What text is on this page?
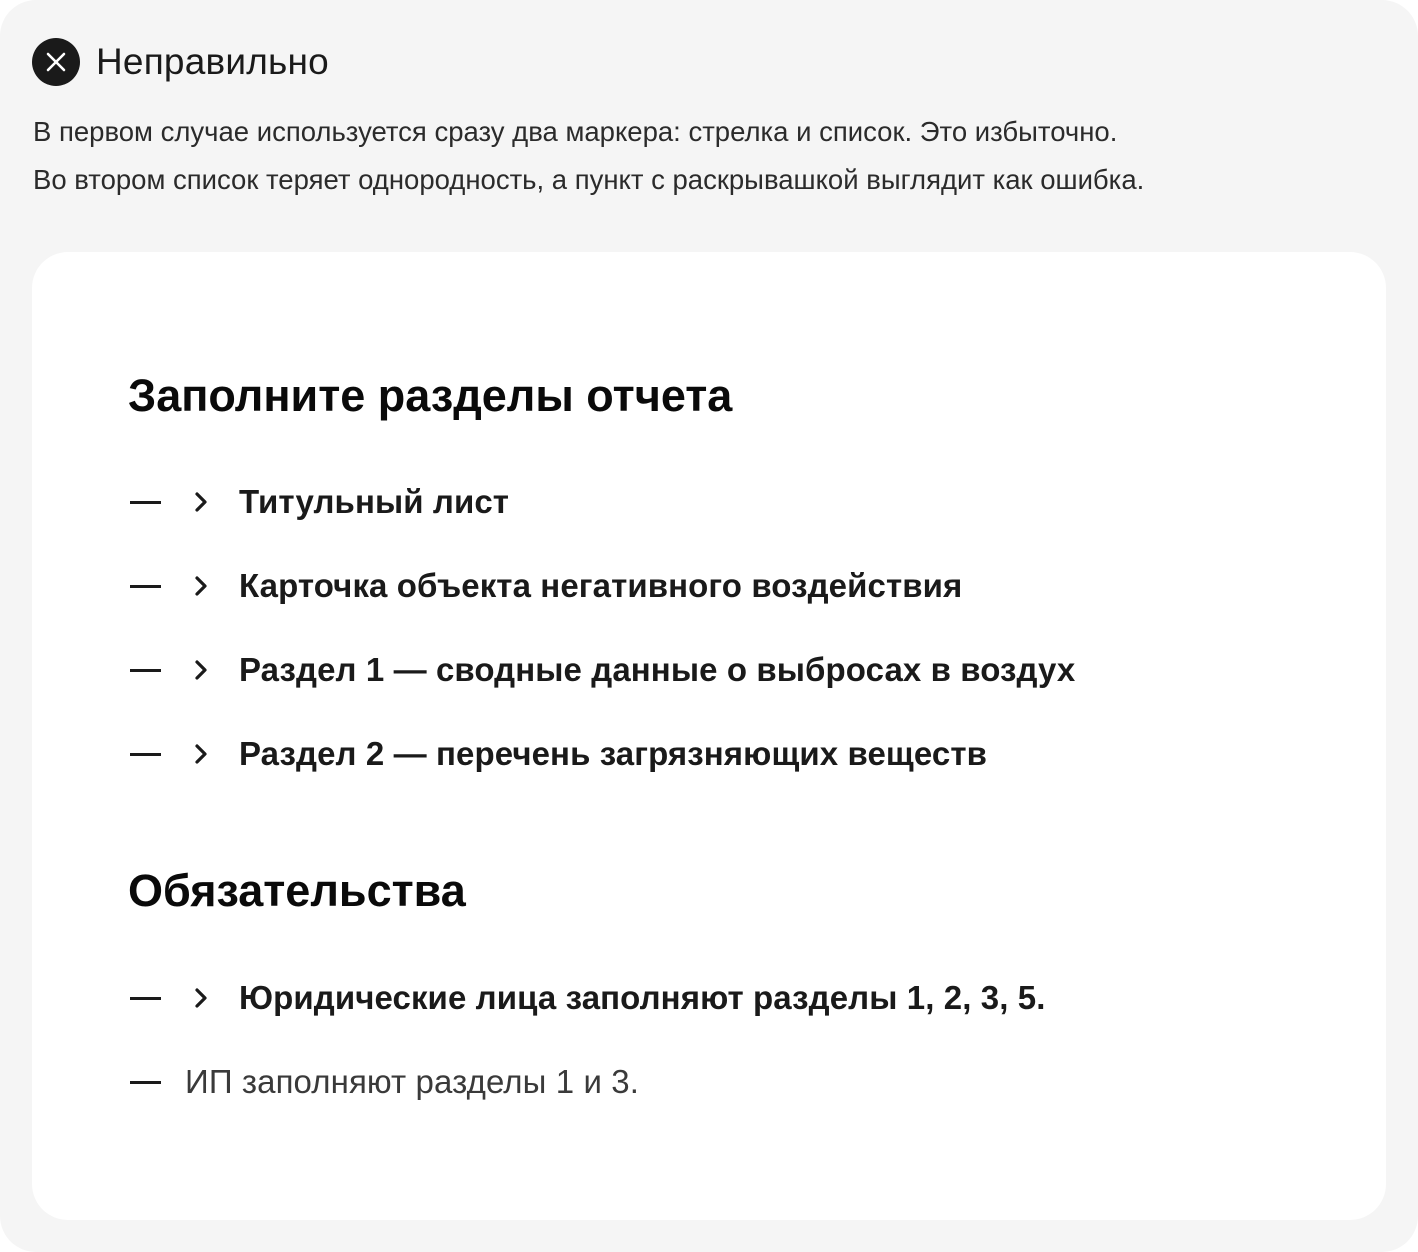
Неправильно

В первом случае используется сразу два маркера: стрелка и список. Это избыточно.

Во втором список теряет однородность, а пункт с раскрывашкой выглядит как ошибка.

Заполните разделы отчета
Титульный лист
Карточка объекта негативного воздействия
Раздел 1 — сводные данные о выбросах в воздух
Раздел 2 — перечень загрязняющих веществ
Обязательства
Юридические лица заполняют разделы 1, 2, 3, 5.
ИП заполняют разделы 1 и 3.
